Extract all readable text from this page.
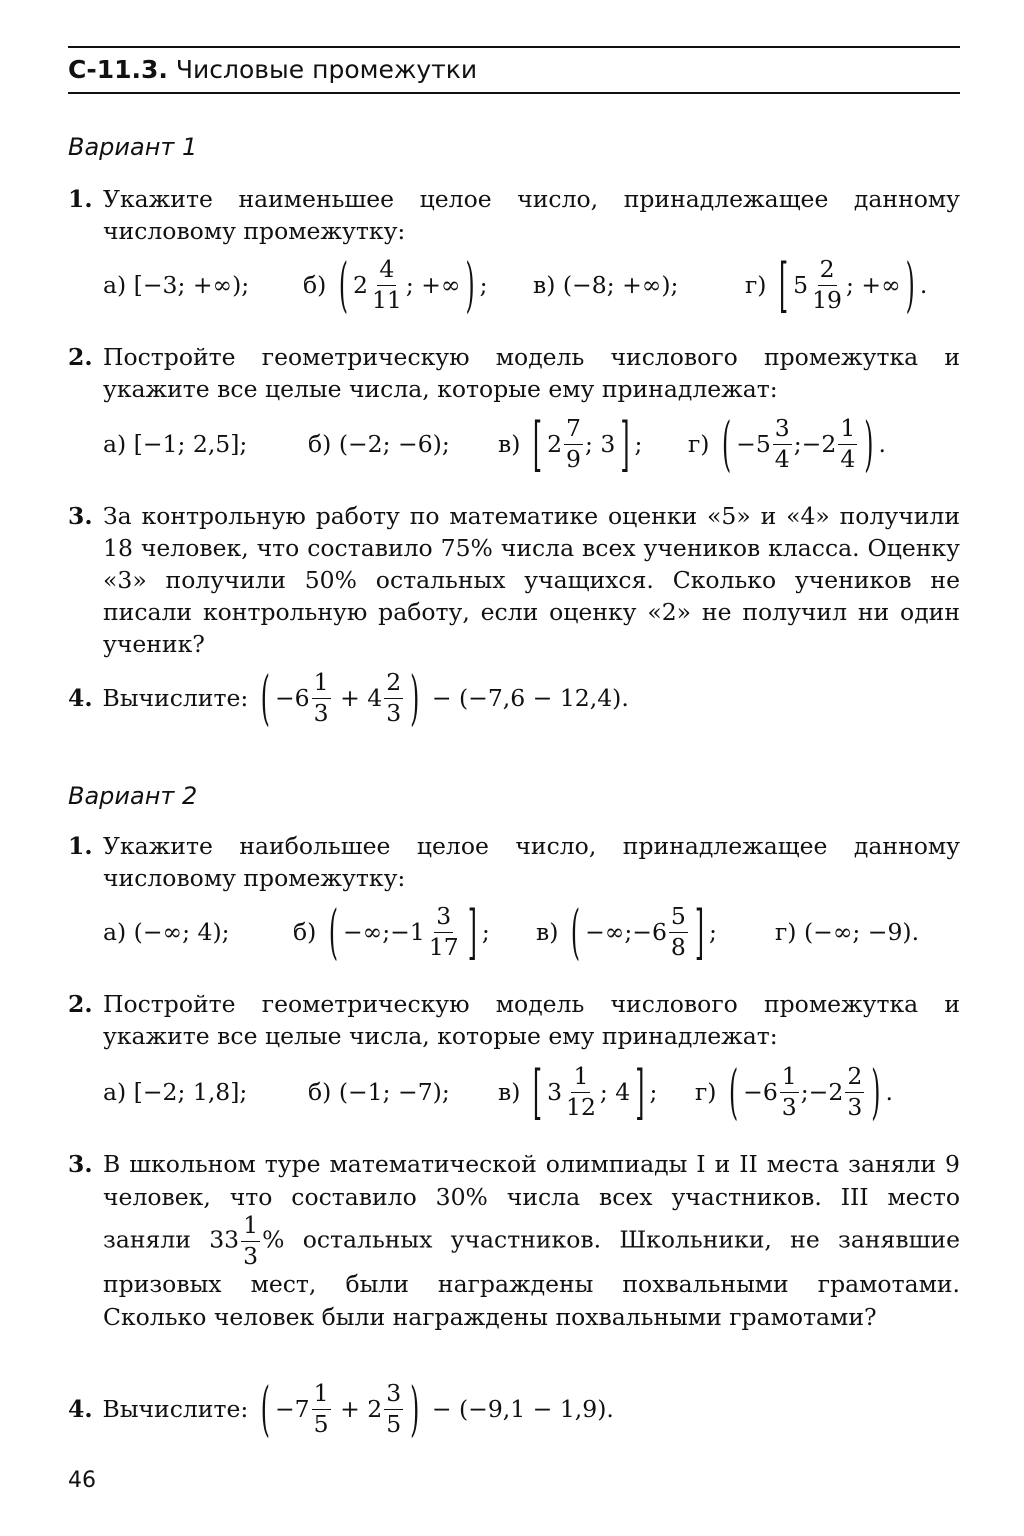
С-11.3. Числовые промежутки
Вариант 1
1. Укажите наименьшее целое число, принадлежащее данному числовому промежутку:
а)
[−3; +∞); б)
( $2 \frac{4}{11}$ ; +∞ ) ; в)
(−8; +∞);	г)
[ $5 \frac{2}{19}$ ; +∞ ) .
2. Постройте геометрическую модель числового промежутка и укажите все целые числа, которые ему принадлежат:
а)
[−1; 2,5];	б)
(−2; −6); в)
[ $2 \frac{7}{9}$ ; 3 ] ; г)
( $-5 \frac{3}{4}$ ; $-2 \frac{1}{4}$ ) .
3. За контрольную работу по математике оценки «5» и «4» получили 18 человек, что составило 75% числа всех учеников класса. Оценку «3» получили 50% остальных учащихся. Сколько учеников не писали контрольную работу, если оценку «2» не получил ни один ученик?
4. Вычислите:
( $-6 \frac{1}{3}$
+
$4 \frac{2}{3}$ )
− (−7,6 − 12,4).
Вариант 2
1. Укажите наибольшее целое число, принадлежащее данному числовому промежутку:
а)
(−∞; 4);	б)
( −∞; $-1 \frac{3}{17}$ ] ; в)
( −∞; $-6 \frac{5}{8}$ ] ; г)
(−∞; −9).
2. Постройте геометрическую модель числового промежутка и укажите все целые числа, которые ему принадлежат:
а)
[−2; 1,8];	б)
(−1; −7); в)
[ $3 \frac{1}{12}$ ; 4 ] ; г)
( $-6 \frac{1}{3}$ ; $-2 \frac{2}{3}$ ) .
3. В школьном туре математической олимпиады I и II места заняли 9 человек, что составило 30% числа всех участников. III место заняли $33 \frac{1}{3}$ % остальных участников. Школьники, не занявшие призовых мест, были награждены похвальными грамотами. Сколько человек были награждены похвальными грамотами?
4. Вычислите:
( $-7 \frac{1}{5}$
+
$2 \frac{3}{5}$ )
− (−9,1 − 1,9).
46
